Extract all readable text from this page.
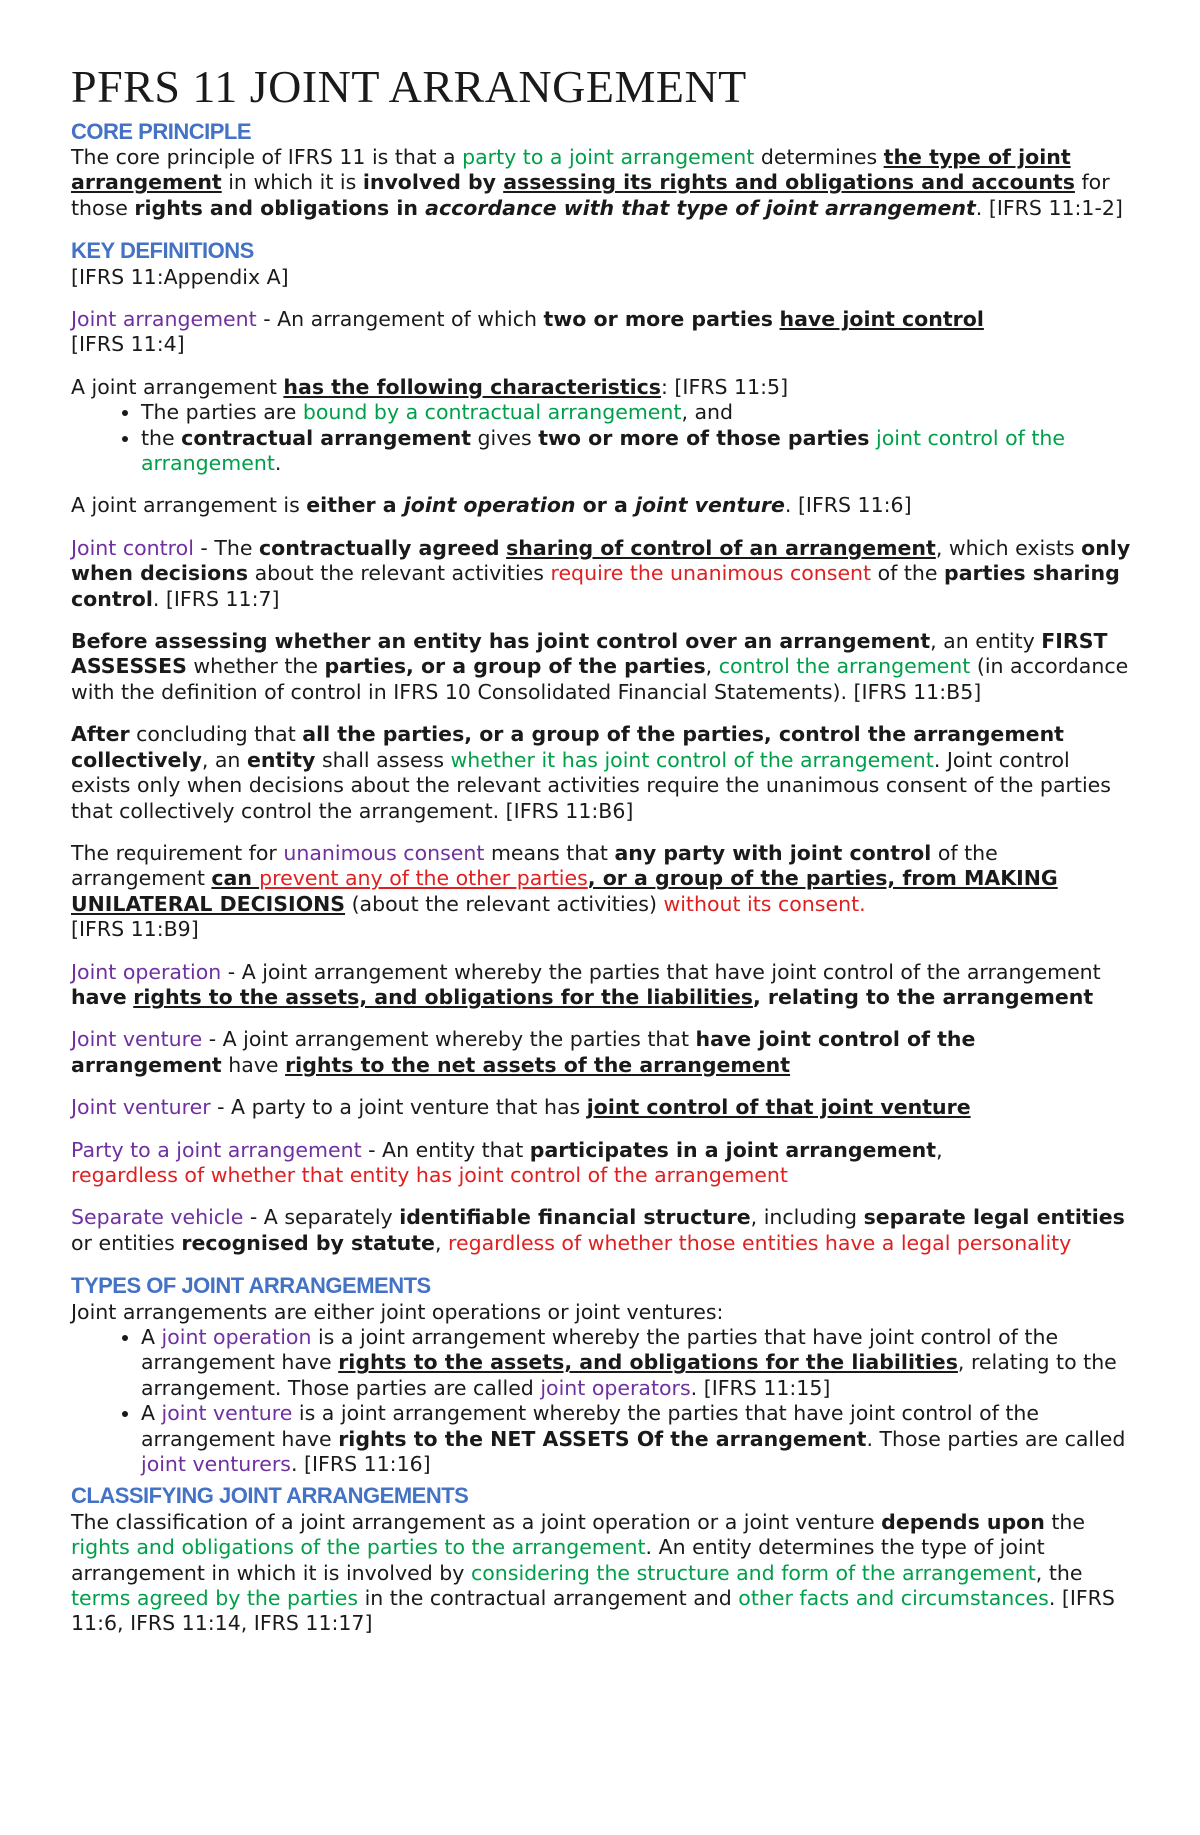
PFRS 11 JOINT ARRANGEMENT
CORE PRINCIPLE

The core principle of IFRS 11 is that a party to a joint arrangement determines the type of joint arrangement in which it is involved by assessing its rights and obligations and accounts for those rights and obligations in accordance with that type of joint arrangement. [IFRS 11:1-2]

KEY DEFINITIONS

[IFRS 11:Appendix A]

Joint arrangement - An arrangement of which two or more parties have joint control
[IFRS 11:4]

A joint arrangement has the following characteristics: [IFRS 11:5]

• The parties are bound by a contractual arrangement, and
• the contractual arrangement gives two or more of those parties joint control of the arrangement.

A joint arrangement is either a joint operation or a joint venture. [IFRS 11:6]

Joint control - The contractually agreed sharing of control of an arrangement, which exists only when decisions about the relevant activities require the unanimous consent of the parties sharing control. [IFRS 11:7]

Before assessing whether an entity has joint control over an arrangement, an entity FIRST ASSESSES whether the parties, or a group of the parties, control the arrangement (in accordance with the definition of control in IFRS 10 Consolidated Financial Statements). [IFRS 11:B5]

After concluding that all the parties, or a group of the parties, control the arrangement collectively, an entity shall assess whether it has joint control of the arrangement. Joint control exists only when decisions about the relevant activities require the unanimous consent of the parties that collectively control the arrangement. [IFRS 11:B6]

The requirement for unanimous consent means that any party with joint control of the arrangement can prevent any of the other parties, or a group of the parties, from MAKING UNILATERAL DECISIONS (about the relevant activities) without its consent.
[IFRS 11:B9]

Joint operation - A joint arrangement whereby the parties that have joint control of the arrangement have rights to the assets, and obligations for the liabilities, relating to the arrangement

Joint venture - A joint arrangement whereby the parties that have joint control of the arrangement have rights to the net assets of the arrangement

Joint venturer - A party to a joint venture that has joint control of that joint venture

Party to a joint arrangement - An entity that participates in a joint arrangement,
regardless of whether that entity has joint control of the arrangement

Separate vehicle - A separately identifiable financial structure, including separate legal entities or entities recognised by statute, regardless of whether those entities have a legal personality

TYPES OF JOINT ARRANGEMENTS

Joint arrangements are either joint operations or joint ventures:

• A joint operation is a joint arrangement whereby the parties that have joint control of the arrangement have rights to the assets, and obligations for the liabilities, relating to the arrangement. Those parties are called joint operators. [IFRS 11:15]
• A joint venture is a joint arrangement whereby the parties that have joint control of the arrangement have rights to the NET ASSETS Of the arrangement. Those parties are called joint venturers. [IFRS 11:16]
CLASSIFYING JOINT ARRANGEMENTS

The classification of a joint arrangement as a joint operation or a joint venture depends upon the rights and obligations of the parties to the arrangement. An entity determines the type of joint arrangement in which it is involved by considering the structure and form of the arrangement, the terms agreed by the parties in the contractual arrangement and other facts and circumstances. [IFRS 11:6, IFRS 11:14, IFRS 11:17]
